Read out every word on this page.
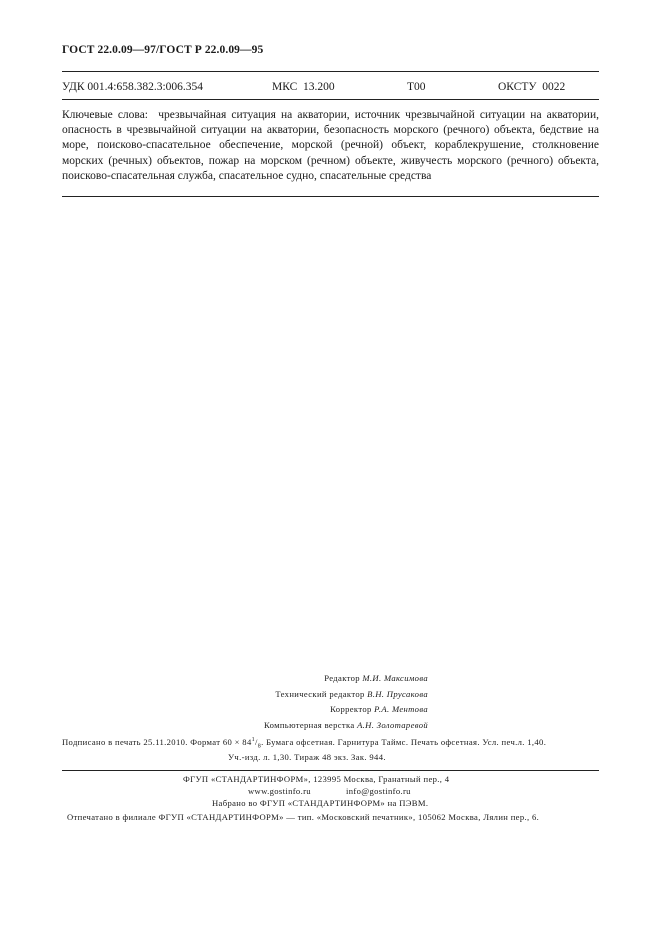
ГОСТ 22.0.09—97/ГОСТ Р 22.0.09—95
УДК 001.4:658.382.3:006.354	МКС 13.200	Т00	ОКСТУ 0022
Ключевые слова: чрезвычайная ситуация на акватории, источник чрезвычайной ситуации на акватории, опасность в чрезвычайной ситуации на акватории, безопасность морского (речного) объекта, бедствие на море, поисково-спасательное обеспечение, морской (речной) объект, кораблекрушение, столкновение морских (речных) объектов, пожар на морском (речном) объекте, живучесть морского (речного) объекта, поисково-спасательная служба, спасательное судно, спасательные средства
Редактор М.И. Максимова
Технический редактор В.Н. Прусакова
Корректор Р.А. Ментова
Компьютерная верстка А.Н. Золотаревой
Подписано в печать 25.11.2010. Формат $60 \times 84^1/_8$. Бумага офсетная. Гарнитура Таймс. Печать офсетная. Усл. печ.л. 1,40.
Уч.-изд. л. 1,30. Тираж 48 экз. Зак. 944.
ФГУП «СТАНДАРТИНФОРМ», 123995 Москва, Гранатный пер., 4
www.gostinfo.ru	info@gostinfo.ru
Набрано во ФГУП «СТАНДАРТИНФОРМ» на ПЭВМ.
Отпечатано в филиале ФГУП «СТАНДАРТИНФОРМ» — тип. «Московский печатник», 105062 Москва, Лялин пер., 6.
